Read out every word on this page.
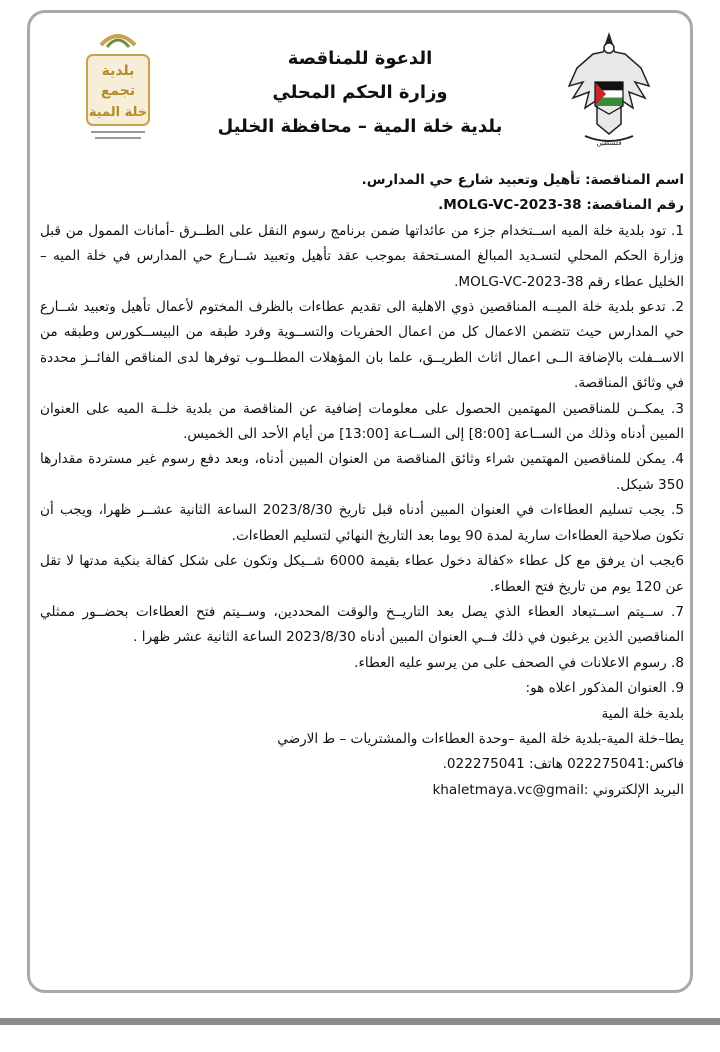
فلسطين
بلدية
تجمع
خلة المية
الدعوة للمناقصة
وزارة الحكم المحلي
بلدية خلة المية – محافظة الخليل

اسم المناقصة: تأهيل وتعبيد شارع حي المدارس.

رقم المناقصة: MOLG-VC-2023-38.

1. تود بلدية خلة الميه اســتخدام جزء من عائداتها ضمن برنامج رسوم النقل على الطــرق -أمانات الممول من قبل وزارة الحكم المحلي لتسـديد المبالغ المسـتحقة بموجب عقد تأهيل وتعبيد شــارع حي المدارس في خلة الميه – الخليل عطاء رقم MOLG-VC-2023-38.

2. تدعو بلدية خلة الميــه المناقصين ذوي الاهلية الى تقديم عطاءات بالظرف المختوم لأعمال تأهيل وتعبيد شــارع حي المدارس حيث تتضمن الاعمال كل من اعمال الحفريات والتســوية وفرد طبقه من البيســكورس وطبقه من الاســفلت بالإضافة الــى اعمال اثاث الطريــق، علما بان المؤهلات المطلــوب توفرها لدى المناقص الفائــز محددة في وثائق المناقصة.

3. يمكــن للمناقصين المهتمين الحصول على معلومات إضافية عن المناقصة من بلدية خلــة الميه على العنوان المبين أدناه وذلك من الســاعة [8:00] إلى الســاعة [13:00] من أيام الأحد الى الخميس.

4. يمكن للمناقصين المهتمين شراء وثائق المناقصة من العنوان المبين أدناه، وبعد دفع رسوم غير مستردة مقدارها 350 شيكل.

5. يجب تسليم العطاءات في العنوان المبين أدناه قبل تاريخ 2023/8/30 الساعة الثانية عشــر ظهرا، ويجب أن تكون صلاحية العطاءات سارية لمدة 90 يوما بعد التاريخ النهائي لتسليم العطاءات.

6يجب ان يرفق مع كل عطاء «كفالة دخول عطاء بقيمة 6000 شــيكل وتكون على شكل كفالة بنكية مدتها لا تقل عن 120 يوم من تاريخ فتح العطاء.

7. ســيتم اســتبعاد العطاء الذي يصل بعد التاريــخ والوقت المحددين، وســيتم فتح العطاءات بحضــور ممثلي المناقصين الذين يرغبون في ذلك فــي العنوان المبين أدناه 2023/8/30 الساعة الثانية عشر ظهرا .

8. رسوم الاعلانات في الصحف على من يرسو عليه العطاء.

9. العنوان المذكور اعلاه هو:

بلدية خلة المية

يطا–خلة المية-بلدية خلة المية –وحدة العطاءات والمشتريات – ط الارضي

فاكس:022275041 هاتف: 022275041.

البريد الإلكتروني :khaletmaya.vc@gmail
